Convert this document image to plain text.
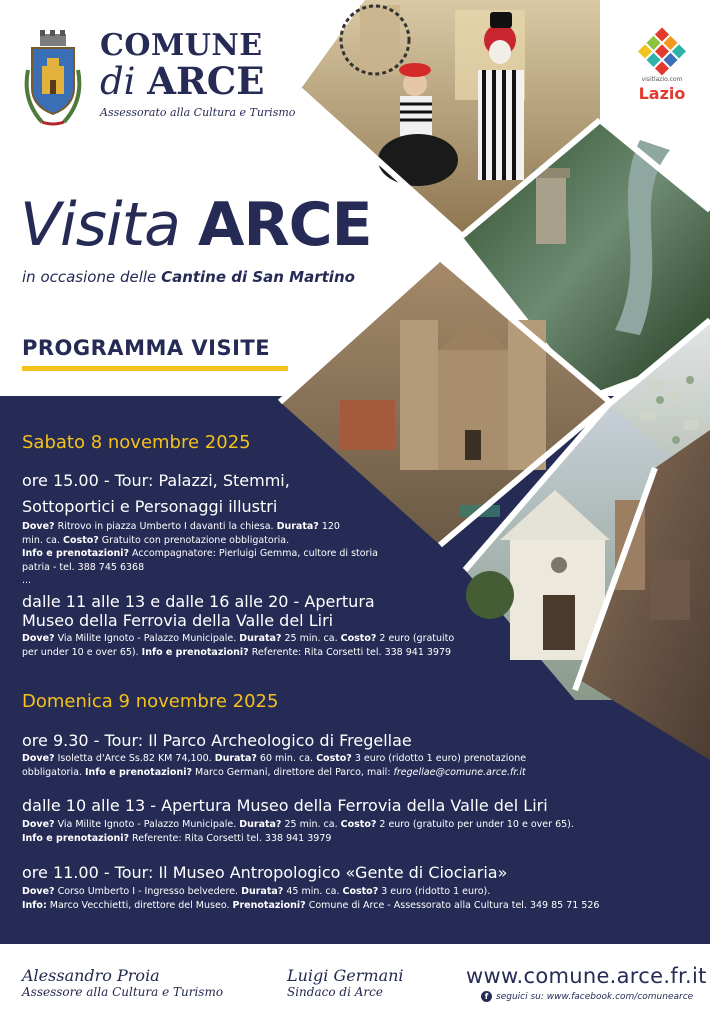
COMUNE
di ARCE
Assessorato alla Cultura e Turismo
visitlazio.com
Lazio
Visita ARCE
in occasione delle Cantine di San Martino
PROGRAMMA VISITE
Sabato 8 novembre 2025
ore 15.00 - Tour: Palazzi, Stemmi,
Sottoportici e Personaggi illustri
Dove? Ritrovo in piazza Umberto I davanti la chiesa. Durata? 120
min. ca. Costo? Gratuito con prenotazione obbligatoria.
Info e prenotazioni? Accompagnatore: Pierluigi Gemma, cultore di storia
patria - tel. 388 745 6368
...
dalle 11 alle 13 e dalle 16 alle 20 - Apertura
Museo della Ferrovia della Valle del Liri
Dove? Via Milite Ignoto - Palazzo Municipale. Durata? 25 min. ca. Costo? 2 euro (gratuito
per under 10 e over 65). Info e prenotazioni? Referente: Rita Corsetti tel. 338 941 3979
Domenica 9 novembre 2025
ore 9.30 - Tour: Il Parco Archeologico di Fregellae
Dove? Isoletta d'Arce Ss.82 KM 74,100. Durata? 60 min. ca. Costo? 3 euro (ridotto 1 euro) prenotazione
obbligatoria. Info e prenotazioni? Marco Germani, direttore del Parco, mail: fregellae@comune.arce.fr.it
dalle 10 alle 13 - Apertura Museo della Ferrovia della Valle del Liri
Dove? Via Milite Ignoto - Palazzo Municipale. Durata? 25 min. ca. Costo? 2 euro (gratuito per under 10 e over 65).
Info e prenotazioni? Referente: Rita Corsetti tel. 338 941 3979
ore 11.00 - Tour: Il Museo Antropologico «Gente di Ciociaria»
Dove? Corso Umberto I - Ingresso belvedere. Durata? 45 min. ca. Costo? 3 euro (ridotto 1 euro).
Info: Marco Vecchietti, direttore del Museo. Prenotazioni? Comune di Arce - Assessorato alla Cultura tel. 349 85 71 526
Alessandro Proia
Assessore alla Cultura e Turismo
Luigi Germani
Sindaco di Arce
www.comune.arce.fr.it
f seguici su: www.facebook.com/comunearce
